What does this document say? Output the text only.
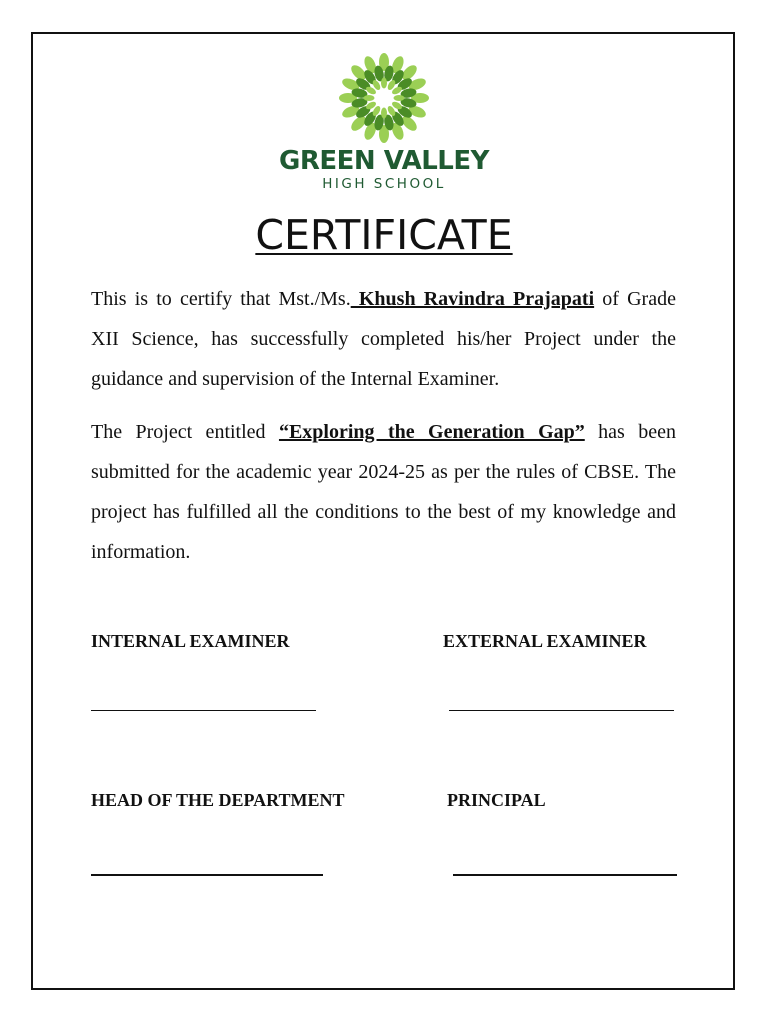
GREEN VALLEY
HIGH SCHOOL
CERTIFICATE

This is to certify that Mst./Ms. Khush Ravindra Prajapati of Grade XII Science, has successfully completed his/her Project under the guidance and supervision of the Internal Examiner.

The Project entitled “Exploring the Generation Gap” has been submitted for the academic year 2024-25 as per the rules of CBSE. The project has fulfilled all the conditions to the best of my knowledge and information.

INTERNAL EXAMINER	EXTERNAL EXAMINER
HEAD OF THE DEPARTMENT	PRINCIPAL
